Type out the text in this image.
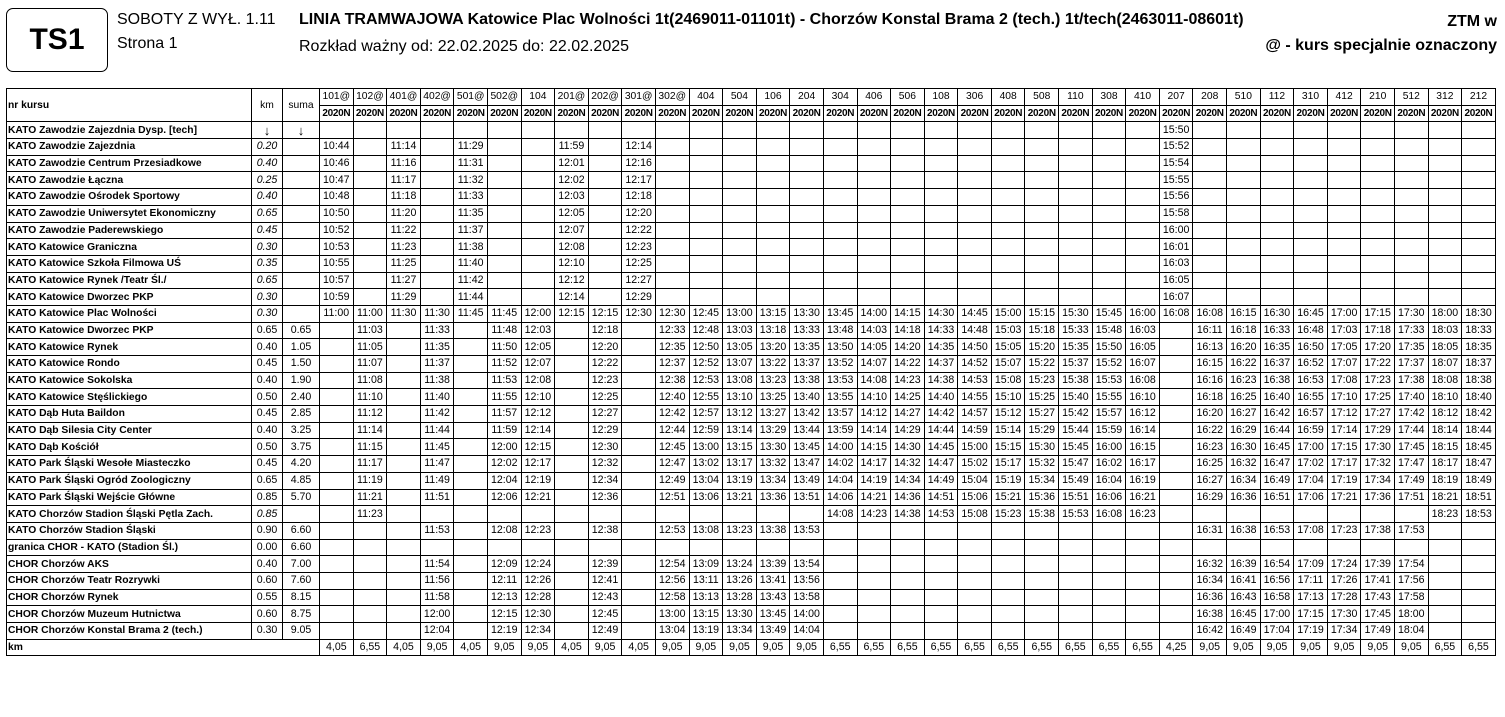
TS1
SOBOTY Z WYŁ. 1.11
Strona 1
LINIA TRAMWAJOWA Katowice Plac Wolności 1t(2469011-01101t) - Chorzów Konstal Brama 2 (tech.) 1t/tech(2463011-08601t)
Rozkład ważny od: 22.02.2025 do: 22.02.2025
ZTM w
@ - kurs specjalnie oznaczony
nr kursu	km	suma	101@	102@	401@	402@	501@	502@	104	201@	202@	301@	302@	404	504	106	204	304	406	506	108	306	408	508	110	308	410	207	208	510	112	310	412	210	512	312	212
			2020N	2020N	2020N	2020N	2020N	2020N	2020N	2020N	2020N	2020N	2020N	2020N	2020N	2020N	2020N	2020N	2020N	2020N	2020N	2020N	2020N	2020N	2020N	2020N	2020N	2020N	2020N	2020N	2020N	2020N	2020N	2020N	2020N	2020N	2020N
KATO Zawodzie Zajezdnia Dysp. [tech]	↓	↓																										15:50									
KATO Zawodzie Zajezdnia	0.20		10:44		11:14		11:29			11:59		12:14																15:52									
KATO Zawodzie Centrum Przesiadkowe	0.40		10:46		11:16		11:31			12:01		12:16																15:54									
KATO Zawodzie Łączna	0.25		10:47		11:17		11:32			12:02		12:17																15:55									
KATO Zawodzie Ośrodek Sportowy	0.40		10:48		11:18		11:33			12:03		12:18																15:56									
KATO Zawodzie Uniwersytet Ekonomiczny	0.65		10:50		11:20		11:35			12:05		12:20																15:58									
KATO Zawodzie Paderewskiego	0.45		10:52		11:22		11:37			12:07		12:22																16:00									
KATO Katowice Graniczna	0.30		10:53		11:23		11:38			12:08		12:23																16:01									
KATO Katowice Szkoła Filmowa UŚ	0.35		10:55		11:25		11:40			12:10		12:25																16:03									
KATO Katowice Rynek /Teatr Śl./	0.65		10:57		11:27		11:42			12:12		12:27																16:05									
KATO Katowice Dworzec PKP	0.30		10:59		11:29		11:44			12:14		12:29																16:07									
KATO Katowice Plac Wolności	0.30		11:00	11:00	11:30	11:30	11:45	11:45	12:00	12:15	12:15	12:30	12:30	12:45	13:00	13:15	13:30	13:45	14:00	14:15	14:30	14:45	15:00	15:15	15:30	15:45	16:00	16:08	16:08	16:15	16:30	16:45	17:00	17:15	17:30	18:00	18:30
KATO Katowice Dworzec PKP	0.65	0.65		11:03		11:33		11:48	12:03		12:18		12:33	12:48	13:03	13:18	13:33	13:48	14:03	14:18	14:33	14:48	15:03	15:18	15:33	15:48	16:03		16:11	16:18	16:33	16:48	17:03	17:18	17:33	18:03	18:33
KATO Katowice Rynek	0.40	1.05		11:05		11:35		11:50	12:05		12:20		12:35	12:50	13:05	13:20	13:35	13:50	14:05	14:20	14:35	14:50	15:05	15:20	15:35	15:50	16:05		16:13	16:20	16:35	16:50	17:05	17:20	17:35	18:05	18:35
KATO Katowice Rondo	0.45	1.50		11:07		11:37		11:52	12:07		12:22		12:37	12:52	13:07	13:22	13:37	13:52	14:07	14:22	14:37	14:52	15:07	15:22	15:37	15:52	16:07		16:15	16:22	16:37	16:52	17:07	17:22	17:37	18:07	18:37
KATO Katowice Sokolska	0.40	1.90		11:08		11:38		11:53	12:08		12:23		12:38	12:53	13:08	13:23	13:38	13:53	14:08	14:23	14:38	14:53	15:08	15:23	15:38	15:53	16:08		16:16	16:23	16:38	16:53	17:08	17:23	17:38	18:08	18:38
KATO Katowice Stęślickiego	0.50	2.40		11:10		11:40		11:55	12:10		12:25		12:40	12:55	13:10	13:25	13:40	13:55	14:10	14:25	14:40	14:55	15:10	15:25	15:40	15:55	16:10		16:18	16:25	16:40	16:55	17:10	17:25	17:40	18:10	18:40
KATO Dąb Huta Baildon	0.45	2.85		11:12		11:42		11:57	12:12		12:27		12:42	12:57	13:12	13:27	13:42	13:57	14:12	14:27	14:42	14:57	15:12	15:27	15:42	15:57	16:12		16:20	16:27	16:42	16:57	17:12	17:27	17:42	18:12	18:42
KATO Dąb Silesia City Center	0.40	3.25		11:14		11:44		11:59	12:14		12:29		12:44	12:59	13:14	13:29	13:44	13:59	14:14	14:29	14:44	14:59	15:14	15:29	15:44	15:59	16:14		16:22	16:29	16:44	16:59	17:14	17:29	17:44	18:14	18:44
KATO Dąb Kościół	0.50	3.75		11:15		11:45		12:00	12:15		12:30		12:45	13:00	13:15	13:30	13:45	14:00	14:15	14:30	14:45	15:00	15:15	15:30	15:45	16:00	16:15		16:23	16:30	16:45	17:00	17:15	17:30	17:45	18:15	18:45
KATO Park Śląski Wesołe Miasteczko	0.45	4.20		11:17		11:47		12:02	12:17		12:32		12:47	13:02	13:17	13:32	13:47	14:02	14:17	14:32	14:47	15:02	15:17	15:32	15:47	16:02	16:17		16:25	16:32	16:47	17:02	17:17	17:32	17:47	18:17	18:47
KATO Park Śląski Ogród Zoologiczny	0.65	4.85		11:19		11:49		12:04	12:19		12:34		12:49	13:04	13:19	13:34	13:49	14:04	14:19	14:34	14:49	15:04	15:19	15:34	15:49	16:04	16:19		16:27	16:34	16:49	17:04	17:19	17:34	17:49	18:19	18:49
KATO Park Śląski Wejście Główne	0.85	5.70		11:21		11:51		12:06	12:21		12:36		12:51	13:06	13:21	13:36	13:51	14:06	14:21	14:36	14:51	15:06	15:21	15:36	15:51	16:06	16:21		16:29	16:36	16:51	17:06	17:21	17:36	17:51	18:21	18:51
KATO Chorzów Stadion Śląski Pętla Zach.	0.85			11:23														14:08	14:23	14:38	14:53	15:08	15:23	15:38	15:53	16:08	16:23									18:23	18:53
KATO Chorzów Stadion Śląski	0.90	6.60				11:53		12:08	12:23		12:38		12:53	13:08	13:23	13:38	13:53												16:31	16:38	16:53	17:08	17:23	17:38	17:53		
granica CHOR - KATO (Stadion Śl.)	0.00	6.60																																			
CHOR Chorzów AKS	0.40	7.00				11:54		12:09	12:24		12:39		12:54	13:09	13:24	13:39	13:54												16:32	16:39	16:54	17:09	17:24	17:39	17:54		
CHOR Chorzów Teatr Rozrywki	0.60	7.60				11:56		12:11	12:26		12:41		12:56	13:11	13:26	13:41	13:56												16:34	16:41	16:56	17:11	17:26	17:41	17:56		
CHOR Chorzów Rynek	0.55	8.15				11:58		12:13	12:28		12:43		12:58	13:13	13:28	13:43	13:58												16:36	16:43	16:58	17:13	17:28	17:43	17:58		
CHOR Chorzów Muzeum Hutnictwa	0.60	8.75				12:00		12:15	12:30		12:45		13:00	13:15	13:30	13:45	14:00												16:38	16:45	17:00	17:15	17:30	17:45	18:00		
CHOR Chorzów Konstal Brama 2 (tech.)	0.30	9.05				12:04		12:19	12:34		12:49		13:04	13:19	13:34	13:49	14:04												16:42	16:49	17:04	17:19	17:34	17:49	18:04		
km			4,05	6,55	4,05	9,05	4,05	9,05	9,05	4,05	9,05	4,05	9,05	9,05	9,05	9,05	9,05	6,55	6,55	6,55	6,55	6,55	6,55	6,55	6,55	6,55	6,55	4,25	9,05	9,05	9,05	9,05	9,05	9,05	9,05	6,55	6,55
